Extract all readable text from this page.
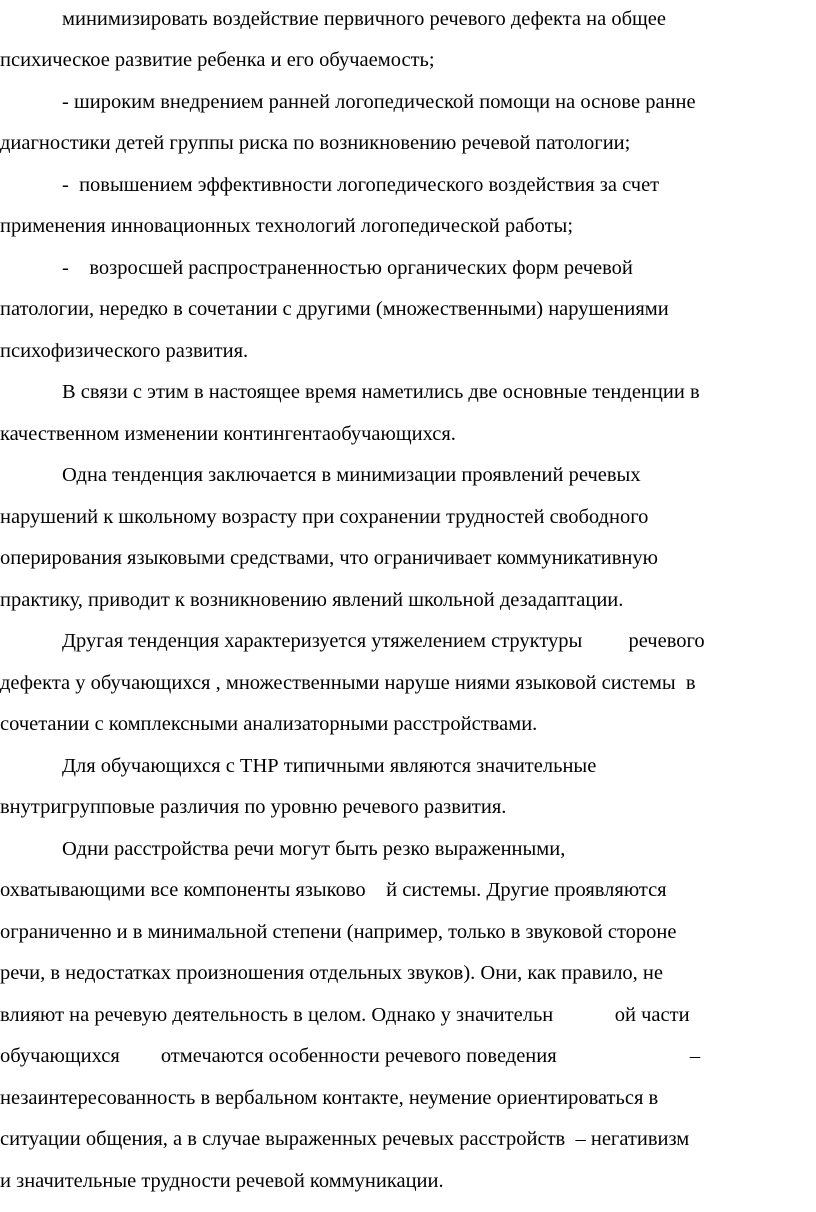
минимизировать воздействие первичного речевого дефекта на общее
психическое развитие ребенка и его обучаемость;
- широким внедрением ранней логопедической помощи на основе ранне
диагностики детей группы риска по возникновению речевой патологии;
-  повышением эффективности логопедического воздействия за счет
применения инновационных технологий логопедической работы;
-    возросшей распространенностью органических форм речевой
патологии, нередко в сочетании с другими (множественными) нарушениями
психофизического развития.
В связи с этим в настоящее время наметились две основные тенденции в
качественном изменении контингентаобучающихся.
Одна тенденция заключается в минимизации проявлений речевых
нарушений к школьному возрасту при сохранении трудностей свободного
оперирования языковыми средствами, что ограничивает коммуникативную
практику, приводит к возникновению явлений школьной дезадаптации.
Другая тенденция характеризуется утяжелением структуры         речевого
дефекта у обучающихся , множественными наруше ниями языковой системы  в
сочетании с комплексными анализаторными расстройствами.
Для обучающихся с ТНР типичными являются значительные
внутригрупповые различия по уровню речевого развития.
Одни расстройства речи могут быть резко выраженными,
охватывающими все компоненты языково    й системы. Другие проявляются
ограниченно и в минимальной степени (например, только в звуковой стороне
речи, в недостатках произношения отдельных звуков). Они, как правило, не
влияют на речевую деятельность в целом. Однако у значительн            ой части
обучающихся        отмечаются особенности речевого поведения                          –
незаинтересованность в вербальном контакте, неумение ориентироваться в
ситуации общения, а в случае выраженных речевых расстройств  – негативизм
и значительные трудности речевой коммуникации.
